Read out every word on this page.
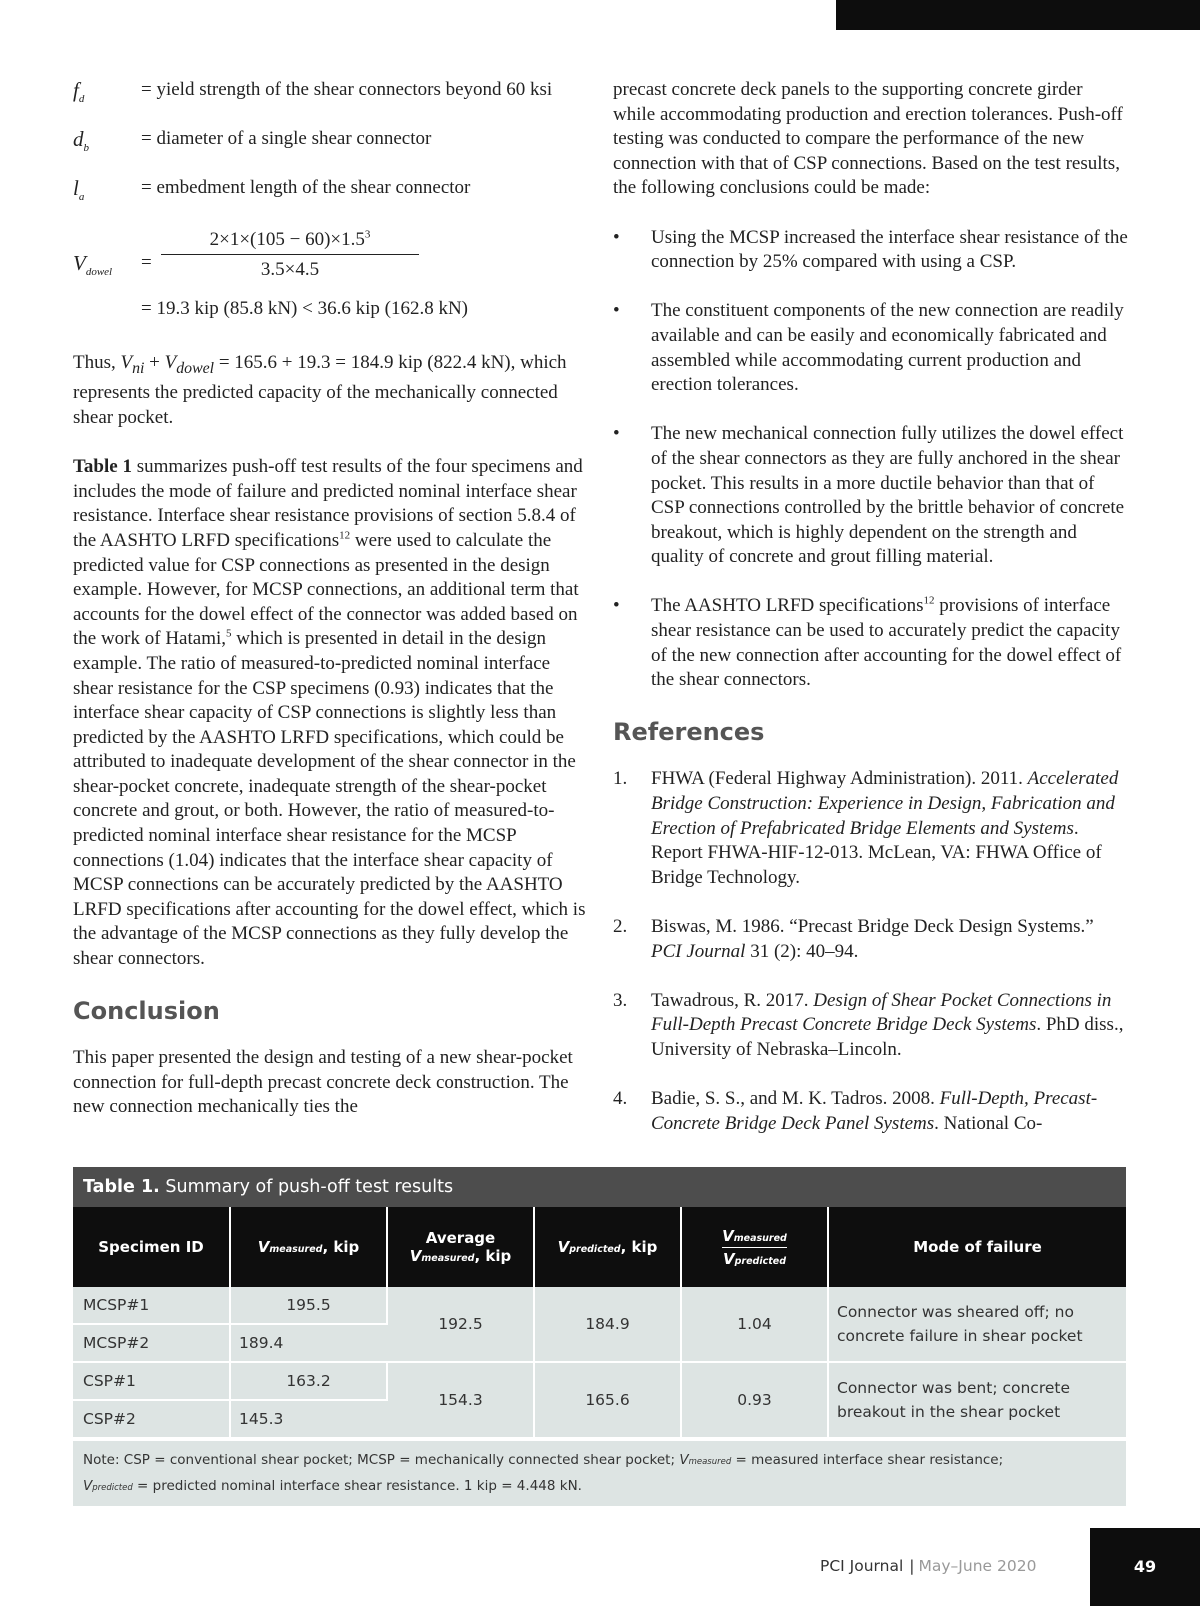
$f_d$	= yield strength of the shear connectors beyond 60 ksi
$d_b$	= diameter of a single shear connector
$l_a$	= embedment length of the shear connector
$V_{dowel}$ =
$2\times 1\times(105 - 60)\times 1.5^3$
3.5×4.5
= 19.3 kip (85.8 kN) < 36.6 kip (162.8 kN)

Thus, $V_{ni} + V_{dowel} = 165.6 + 19.3 = 184.9$ kip (822.4 kN), which represents the predicted capacity of the mechanically connected shear pocket.

Table 1 summarizes push-off test results of the four specimens and includes the mode of failure and predicted nominal interface shear resistance. Interface shear resistance provisions of section 5.8.4 of the AASHTO LRFD specifications$^{12}$ were used to calculate the predicted value for CSP connections as presented in the design example. However, for MCSP connections, an additional term that accounts for the dowel effect of the connector was added based on the work of Hatami,$^5$ which is presented in detail in the design example. The ratio of measured-to-predicted nominal interface shear resistance for the CSP specimens (0.93) indicates that the interface shear capacity of CSP connections is slightly less than predicted by the AASHTO LRFD specifications, which could be attributed to inadequate development of the shear connector in the shear-pocket concrete, inadequate strength of the shear-pocket concrete and grout, or both. However, the ratio of measured-to-predicted nominal interface shear resistance for the MCSP connections (1.04) indicates that the interface shear capacity of MCSP connections can be accurately predicted by the AASHTO LRFD specifications after accounting for the dowel effect, which is the advantage of the MCSP connections as they fully develop the shear connectors.

Conclusion

This paper presented the design and testing of a new shear-pocket connection for full-depth precast concrete deck construction. The new connection mechanically ties the

precast concrete deck panels to the supporting concrete girder while accommodating production and erection tolerances. Push-off testing was conducted to compare the performance of the new connection with that of CSP connections. Based on the test results, the following conclusions could be made:

• Using the MCSP increased the interface shear resistance of the connection by 25% compared with using a CSP.
• The constituent components of the new connection are readily available and can be easily and economically fabricated and assembled while accommodating current production and erection tolerances.
• The new mechanical connection fully utilizes the dowel effect of the shear connectors as they are fully anchored in the shear pocket. This results in a more ductile behavior than that of CSP connections controlled by the brittle behavior of concrete breakout, which is highly dependent on the strength and quality of concrete and grout filling material.
• The AASHTO LRFD specifications$^{12}$ provisions of interface shear resistance can be used to accurately predict the capacity of the new connection after accounting for the dowel effect of the shear connectors.
References
1. FHWA (Federal Highway Administration). 2011. Accelerated Bridge Construction: Experience in Design, Fabrication and Erection of Prefabricated Bridge Elements and Systems. Report FHWA-HIF-12-013. McLean, VA: FHWA Office of Bridge Technology.
2. Biswas, M. 1986. “Precast Bridge Deck Design Systems.” PCI Journal 31 (2): 40–94.
3. Tawadrous, R. 2017. Design of Shear Pocket Connections in Full-Depth Precast Concrete Bridge Deck Systems. PhD diss., University of Nebraska–Lincoln.
4. Badie, S. S., and M. K. Tadros. 2008. Full-Depth, Precast-Concrete Bridge Deck Panel Systems. National Co-
Table 1. Summary of push-off test results
Specimen ID	Vmeasured, kip	Average
Vmeasured, kip	Vpredicted, kip	$\frac{\text{Vmeasured}}{\text{Vpredicted}}$	Mode of failure
MCSP#1	195.5	192.5	184.9	1.04	Connector was sheared off; no concrete failure in shear pocket
MCSP#2	189.4				
CSP#1	163.2	154.3	165.6	0.93	Connector was bent; concrete breakout in the shear pocket
CSP#2	145.3				
Note: CSP = conventional shear pocket; MCSP = mechanically connected shear pocket; Vmeasured = measured interface shear resistance;
Vpredicted = predicted nominal interface shear resistance. 1 kip = 4.448 kN.
PCI Journal | May–June 2020	49
